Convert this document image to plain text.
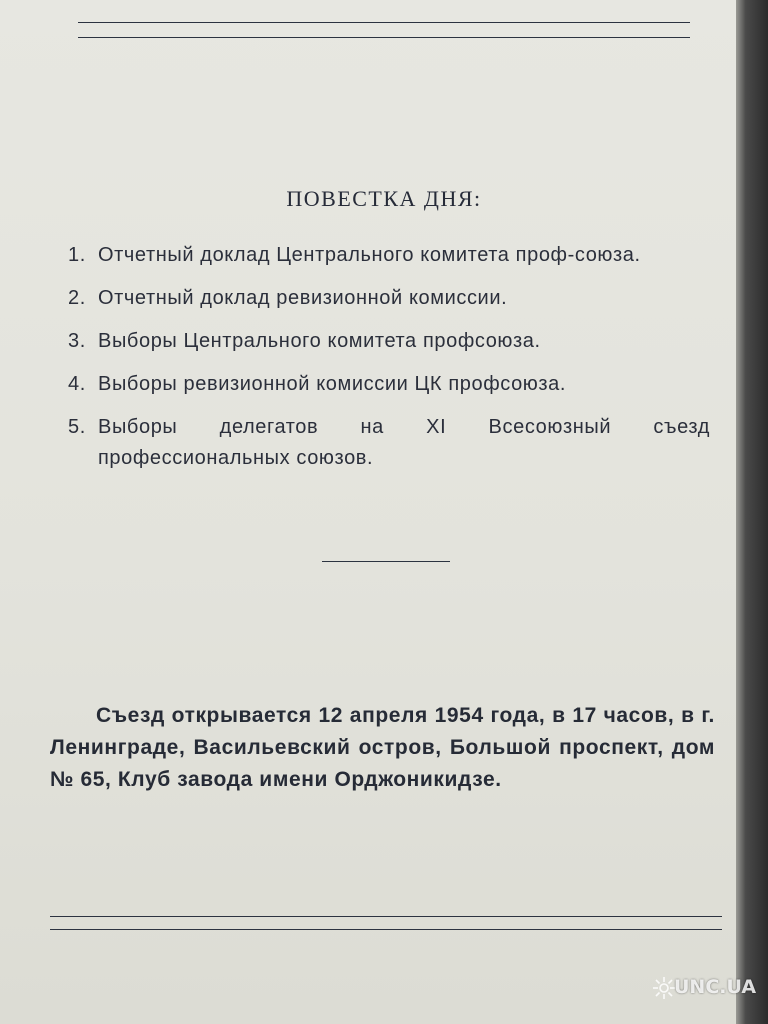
ПОВЕСТКА ДНЯ:
1. Отчетный доклад Центрального комитета проф-союза.
2. Отчетный доклад ревизионной комиссии.
3. Выборы Центрального комитета профсоюза.
4. Выборы ревизионной комиссии ЦК профсоюза.
5. Выборы делегатов на XI Всесоюзный съезд профессиональных союзов.
Съезд открывается 12 апреля 1954 года, в 17 часов, в г. Ленинграде, Васильевский остров, Большой проспект, дом № 65, Клуб завода имени Орджоникидзе.
UNC.UA
